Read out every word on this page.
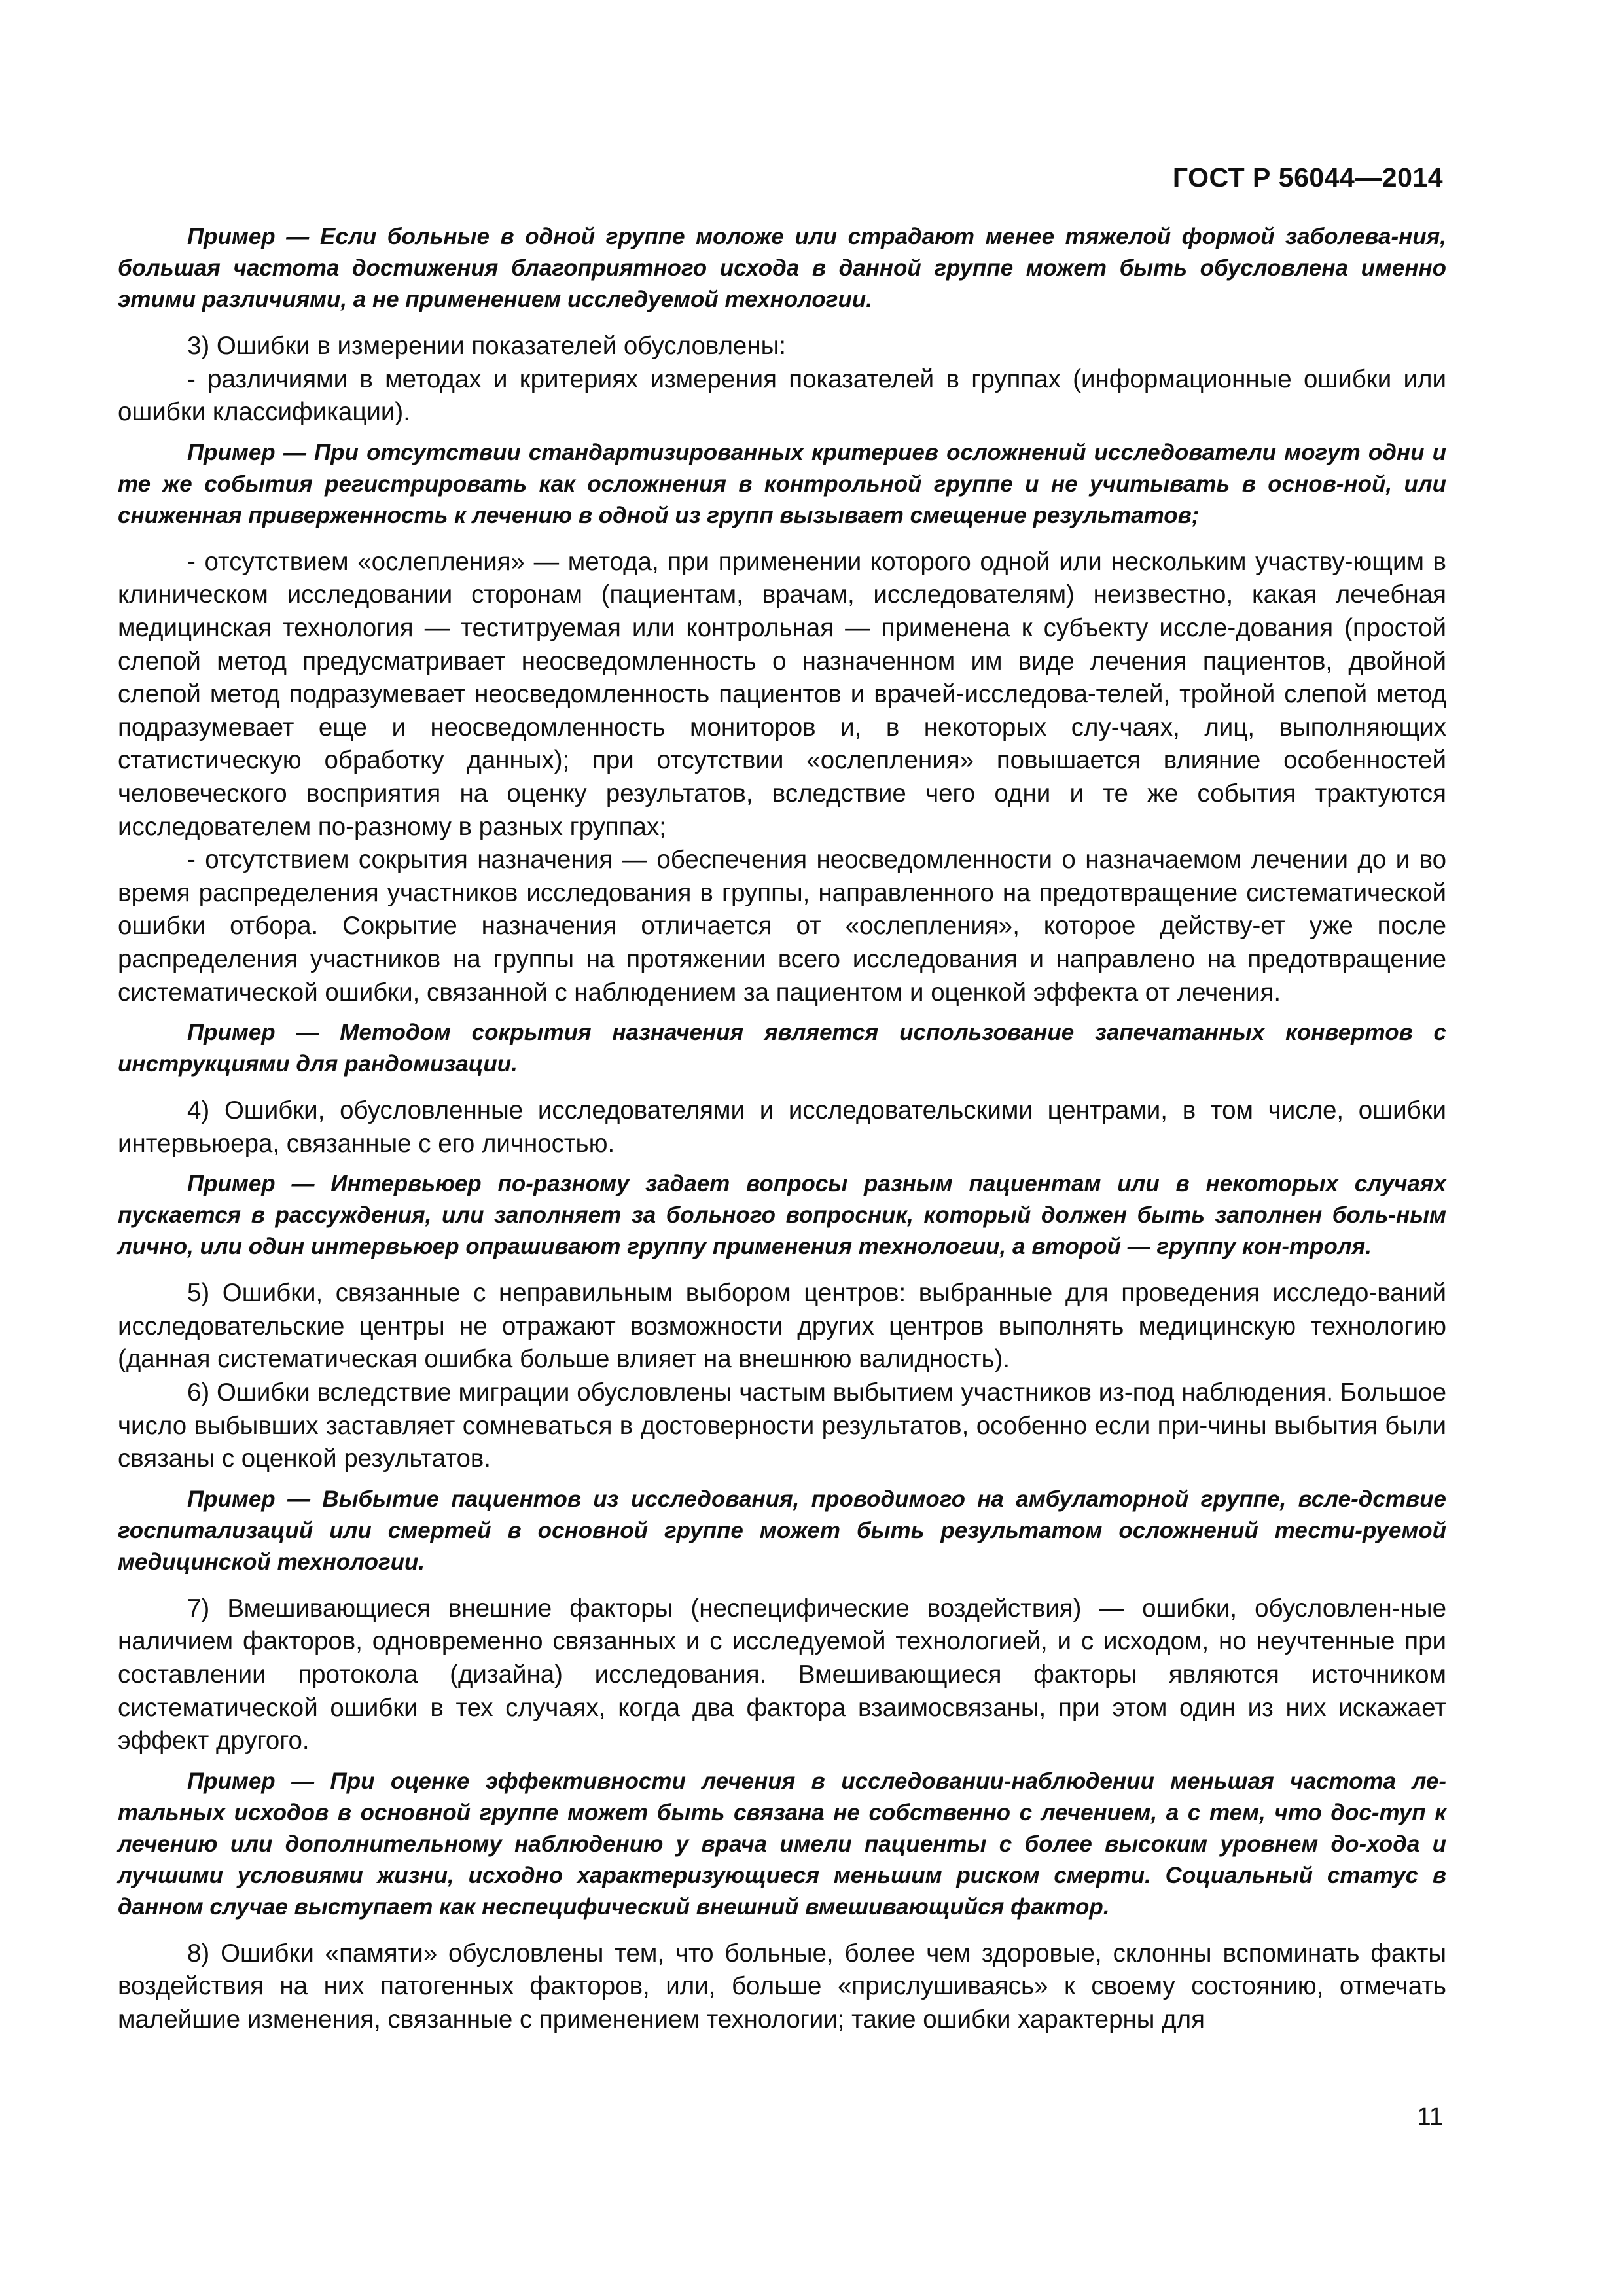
ГОСТ Р 56044—2014

Пример — Если больные в одной группе моложе или страдают менее тяжелой формой заболева-ния, большая частота достижения благоприятного исхода в данной группе может быть обусловлена именно этими различиями, а не применением исследуемой технологии.

3) Ошибки в измерении показателей обусловлены:

- различиями в методах и критериях измерения показателей в группах (информационные ошибки или ошибки классификации).

Пример — При отсутствии стандартизированных критериев осложнений исследователи могут одни и те же события регистрировать как осложнения в контрольной группе и не учитывать в основ-ной, или сниженная приверженность к лечению в одной из групп вызывает смещение результатов;

- отсутствием «ослепления» — метода, при применении которого одной или нескольким участву-ющим в клиническом исследовании сторонам (пациентам, врачам, исследователям) неизвестно, какая лечебная медицинская технология — теститруемая или контрольная — применена к субъекту иссле-дования (простой слепой метод предусматривает неосведомленность о назначенном им виде лечения пациентов, двойной слепой метод подразумевает неосведомленность пациентов и врачей-исследова-телей, тройной слепой метод подразумевает еще и неосведомленность мониторов и, в некоторых слу-чаях, лиц, выполняющих статистическую обработку данных); при отсутствии «ослепления» повышается влияние особенностей человеческого восприятия на оценку результатов, вследствие чего одни и те же события трактуются исследователем по-разному в разных группах;

- отсутствием сокрытия назначения — обеспечения неосведомленности о назначаемом лечении до и во время распределения участников исследования в группы, направленного на предотвращение систематической ошибки отбора. Сокрытие назначения отличается от «ослепления», которое действу-ет уже после распределения участников на группы на протяжении всего исследования и направлено на предотвращение систематической ошибки, связанной с наблюдением за пациентом и оценкой эффекта от лечения.

Пример — Методом сокрытия назначения является использование запечатанных конвертов с инструкциями для рандомизации.

4) Ошибки, обусловленные исследователями и исследовательскими центрами, в том числе, ошибки интервьюера, связанные с его личностью.

Пример — Интервьюер по-разному задает вопросы разным пациентам или в некоторых случаях пускается в рассуждения, или заполняет за больного вопросник, который должен быть заполнен боль-ным лично, или один интервьюер опрашивают группу применения технологии, а второй — группу кон-троля.

5) Ошибки, связанные с неправильным выбором центров: выбранные для проведения исследо-ваний исследовательские центры не отражают возможности других центров выполнять медицинскую технологию (данная систематическая ошибка больше влияет на внешнюю валидность).

6) Ошибки вследствие миграции обусловлены частым выбытием участников из-под наблюдения. Большое число выбывших заставляет сомневаться в достоверности результатов, особенно если при-чины выбытия были связаны с оценкой результатов.

Пример — Выбытие пациентов из исследования, проводимого на амбулаторной группе, всле-дствие госпитализаций или смертей в основной группе может быть результатом осложнений тести-руемой медицинской технологии.

7) Вмешивающиеся внешние факторы (неспецифические воздействия) — ошибки, обусловлен-ные наличием факторов, одновременно связанных и с исследуемой технологией, и с исходом, но неучтенные при составлении протокола (дизайна) исследования. Вмешивающиеся факторы являются источником систематической ошибки в тех случаях, когда два фактора взаимосвязаны, при этом один из них искажает эффект другого.

Пример — При оценке эффективности лечения в исследовании-наблюдении меньшая частота ле-тальных исходов в основной группе может быть связана не собственно с лечением, а с тем, что дос-туп к лечению или дополнительному наблюдению у врача имели пациенты с более высоким уровнем до-хода и лучшими условиями жизни, исходно характеризующиеся меньшим риском смерти. Социальный статус в данном случае выступает как неспецифический внешний вмешивающийся фактор.

8) Ошибки «памяти» обусловлены тем, что больные, более чем здоровые, склонны вспоминать факты воздействия на них патогенных факторов, или, больше «прислушиваясь» к своему состоянию, отмечать малейшие изменения, связанные с применением технологии; такие ошибки характерны для

11
